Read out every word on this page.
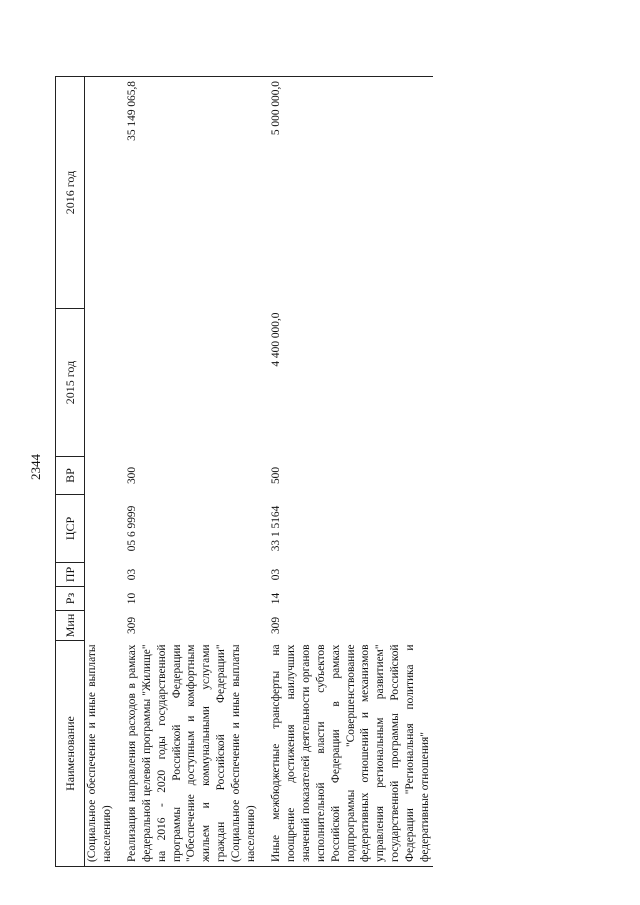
2344
Наименование	Мин	Рз	ПР	ЦСР	ВР	2015 год	2016 год
(Социальное обеспечение и иные выплаты населению)							

Реализация направления расходов в рамках федеральной целевой программы "Жилище" на 2016 - 2020 годы государственной программы Российской Федерации "Обеспечение доступным и комфортным жильем и коммунальными услугами граждан Российской Федерации" (Социальное обеспечение и иные выплаты населению)	309	10	03	05 6 9999	300		35 149 065,8

Иные межбюджетные трансферты на поощрение достижения наилучших значений показателей деятельности органов исполнительной власти субъектов Российской Федерации в рамках подпрограммы "Совершенствование федеративных отношений и механизмов управления региональным развитием" государственной программы Российской Федерации "Региональная политика и федеративные отношения"	309	14	03	33 1 5164	500	4 400 000,0	5 000 000,0
